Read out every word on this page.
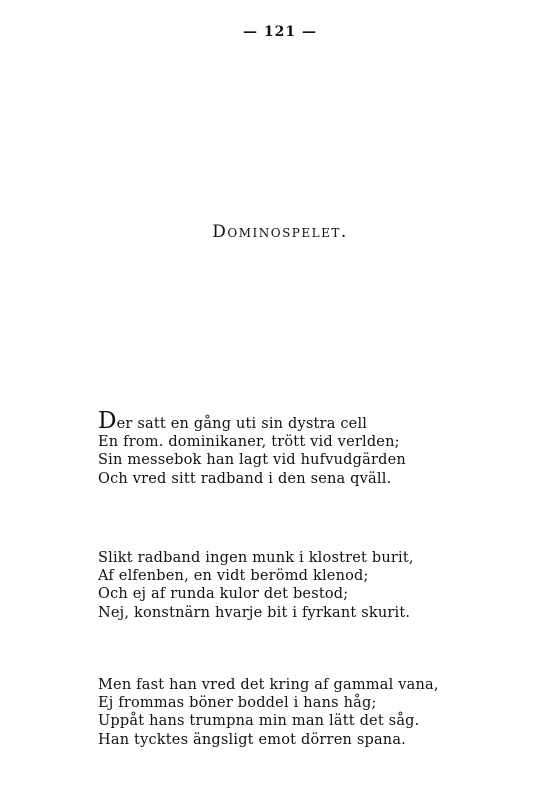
— 121 —
Dominospelet.
Der satt en gång uti sin dystra cell
En from. dominikaner, trött vid verlden;
Sin messebok han lagt vid hufvudgärden
Och vred sitt radband i den sena qväll.
Slikt radband ingen munk i klostret burit,
Af elfenben, en vidt berömd klenod;
Och ej af runda kulor det bestod;
Nej, konstnärn hvarje bit i fyrkant skurit.
Men fast han vred det kring af gammal vana,
Ej frommas böner boddel i hans håg;
Uppåt hans trumpna min man lätt det såg.
Han tycktes ängsligt emot dörren spana.
